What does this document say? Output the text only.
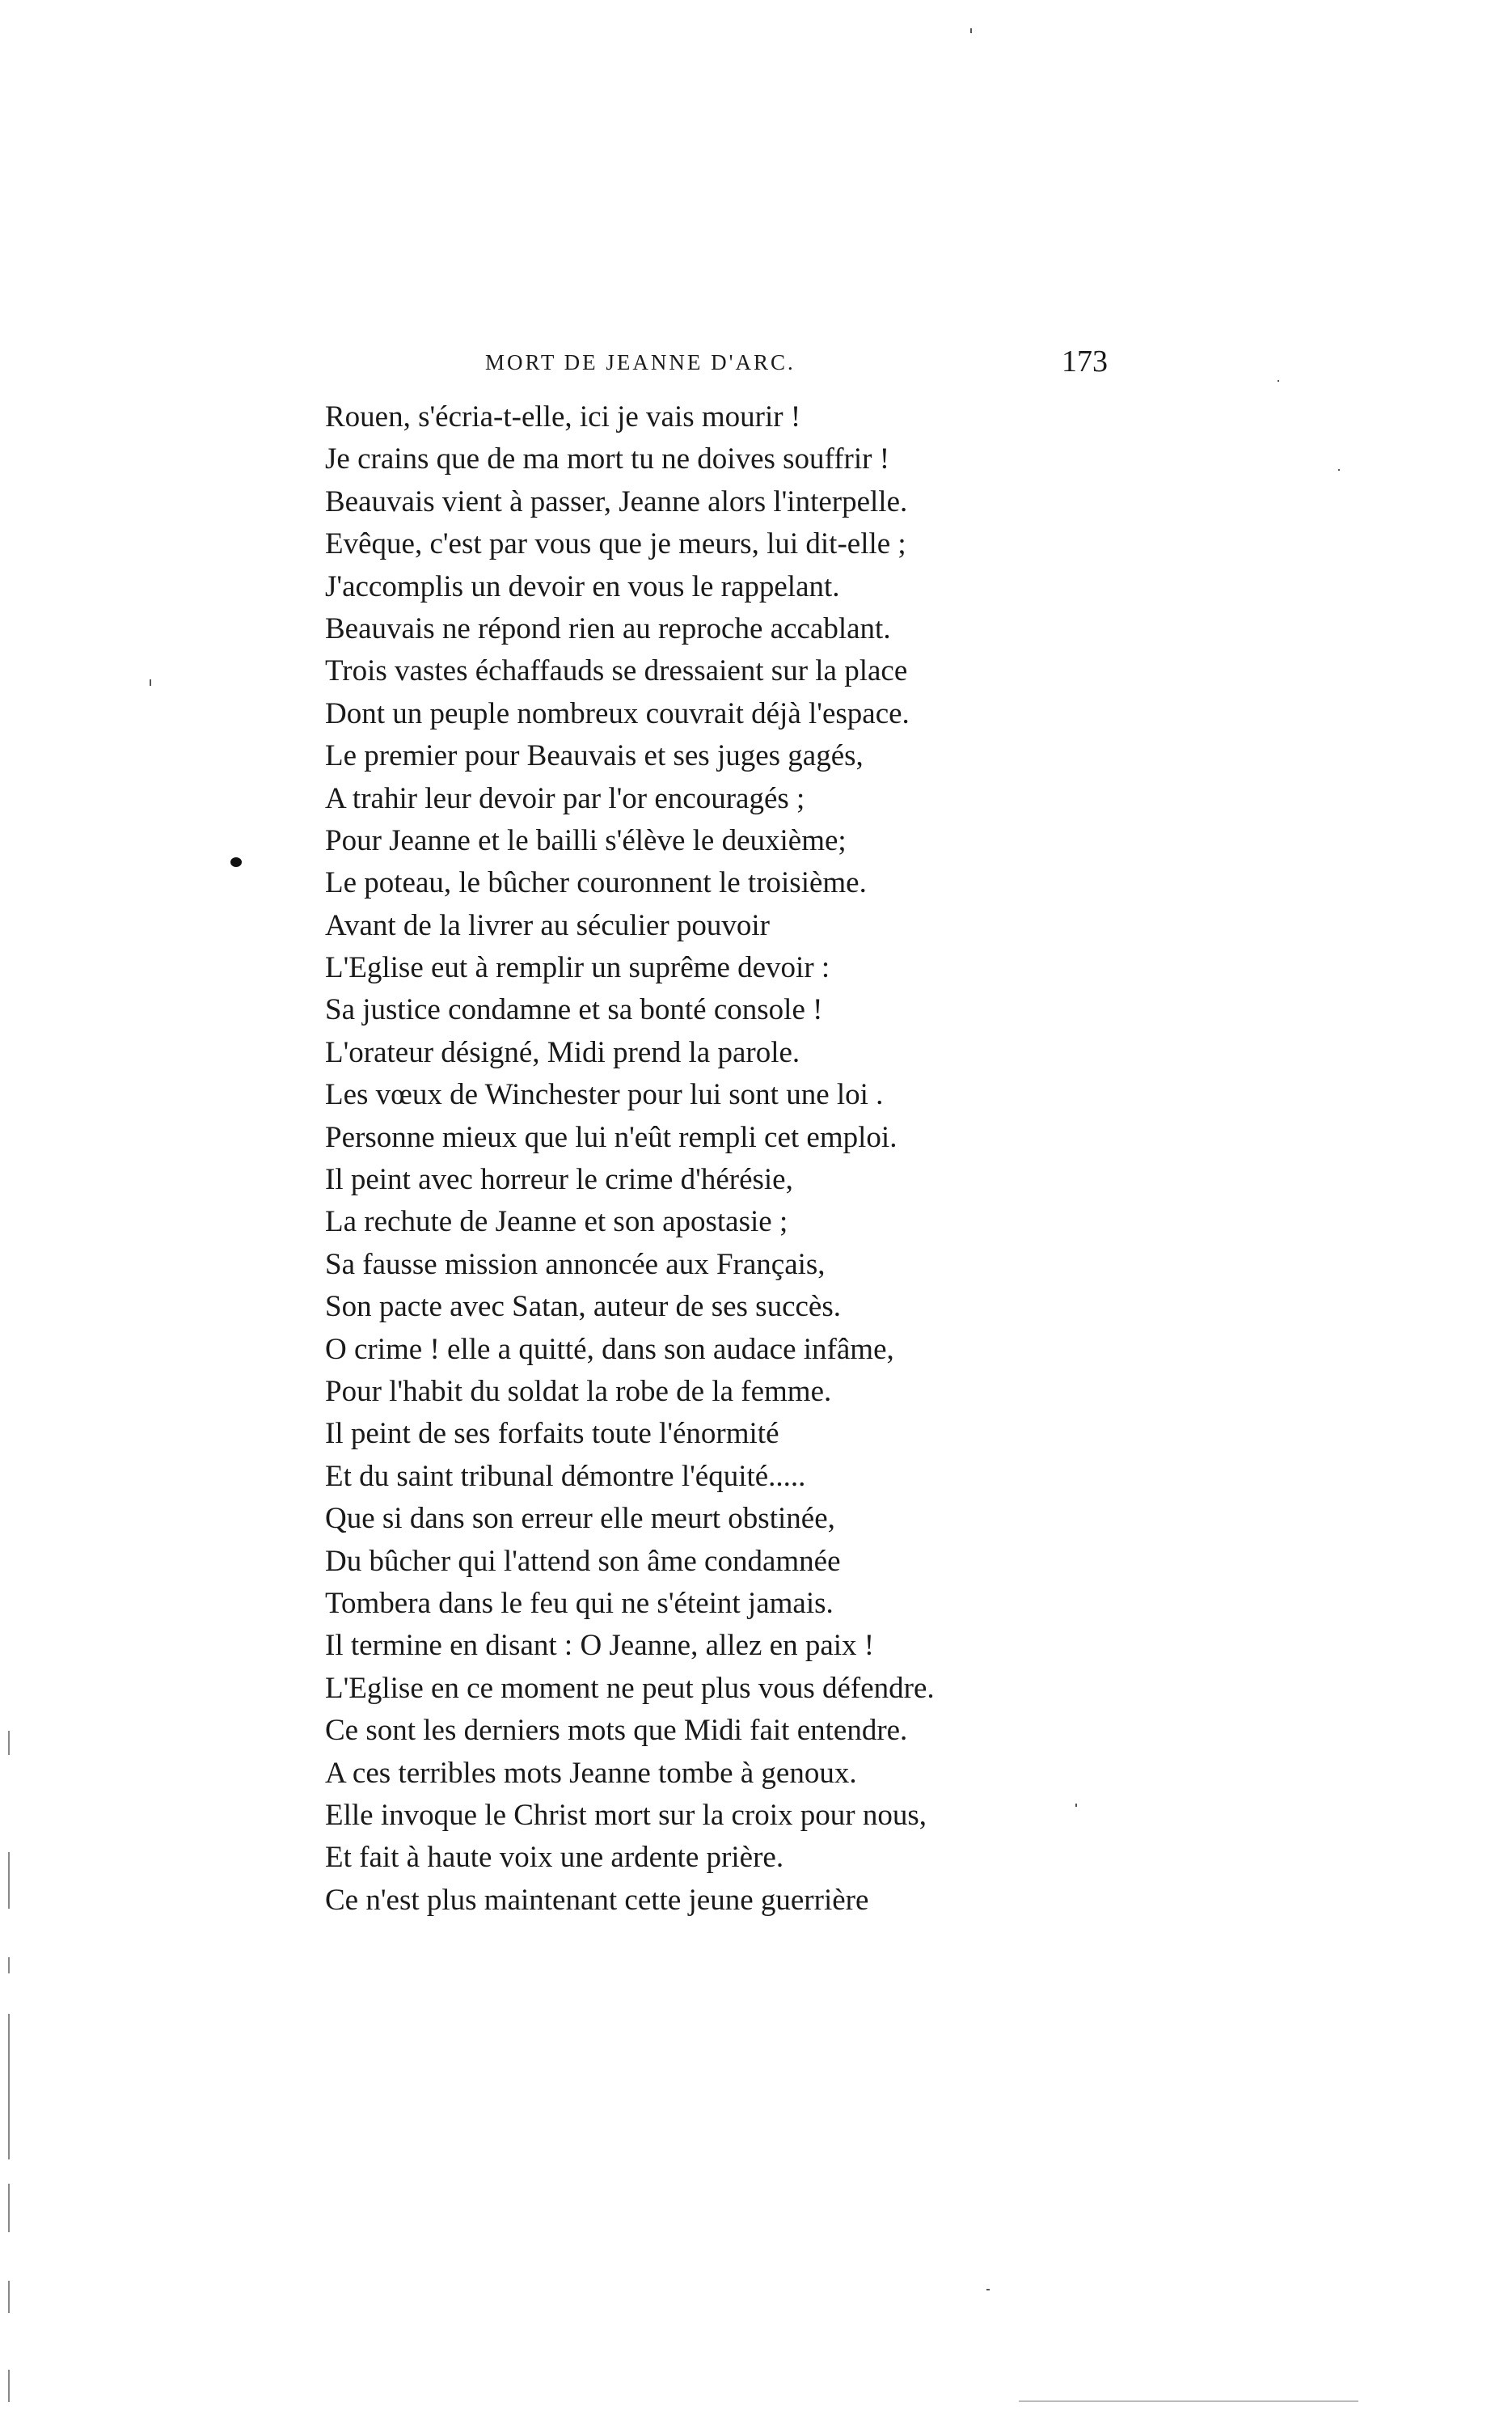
MORT DE JEANNE D'ARC.	173
Rouen, s'écria-t-elle, ici je vais mourir !
Je crains que de ma mort tu ne doives souffrir !
Beauvais vient à passer, Jeanne alors l'interpelle.
Evêque, c'est par vous que je meurs, lui dit-elle ;
J'accomplis un devoir en vous le rappelant.
Beauvais ne répond rien au reproche accablant.
Trois vastes échaffauds se dressaient sur la place
Dont un peuple nombreux couvrait déjà l'espace.
Le premier pour Beauvais et ses juges gagés,
A trahir leur devoir par l'or encouragés ;
Pour Jeanne et le bailli s'élève le deuxième;
Le poteau, le bûcher couronnent le troisième.
Avant de la livrer au séculier pouvoir
L'Eglise eut à remplir un suprême devoir :
Sa justice condamne et sa bonté console !
L'orateur désigné, Midi prend la parole.
Les vœux de Winchester pour lui sont une loi .
Personne mieux que lui n'eût rempli cet emploi.
Il peint avec horreur le crime d'hérésie,
La rechute de Jeanne et son apostasie ;
Sa fausse mission annoncée aux Français,
Son pacte avec Satan, auteur de ses succès.
O crime ! elle a quitté, dans son audace infâme,
Pour l'habit du soldat la robe de la femme.
Il peint de ses forfaits toute l'énormité
Et du saint tribunal démontre l'équité.....
Que si dans son erreur elle meurt obstinée,
Du bûcher qui l'attend son âme condamnée
Tombera dans le feu qui ne s'éteint jamais.
Il termine en disant : O Jeanne, allez en paix !
L'Eglise en ce moment ne peut plus vous défendre.
Ce sont les derniers mots que Midi fait entendre.
A ces terribles mots Jeanne tombe à genoux.
Elle invoque le Christ mort sur la croix pour nous,
Et fait à haute voix une ardente prière.
Ce n'est plus maintenant cette jeune guerrière
